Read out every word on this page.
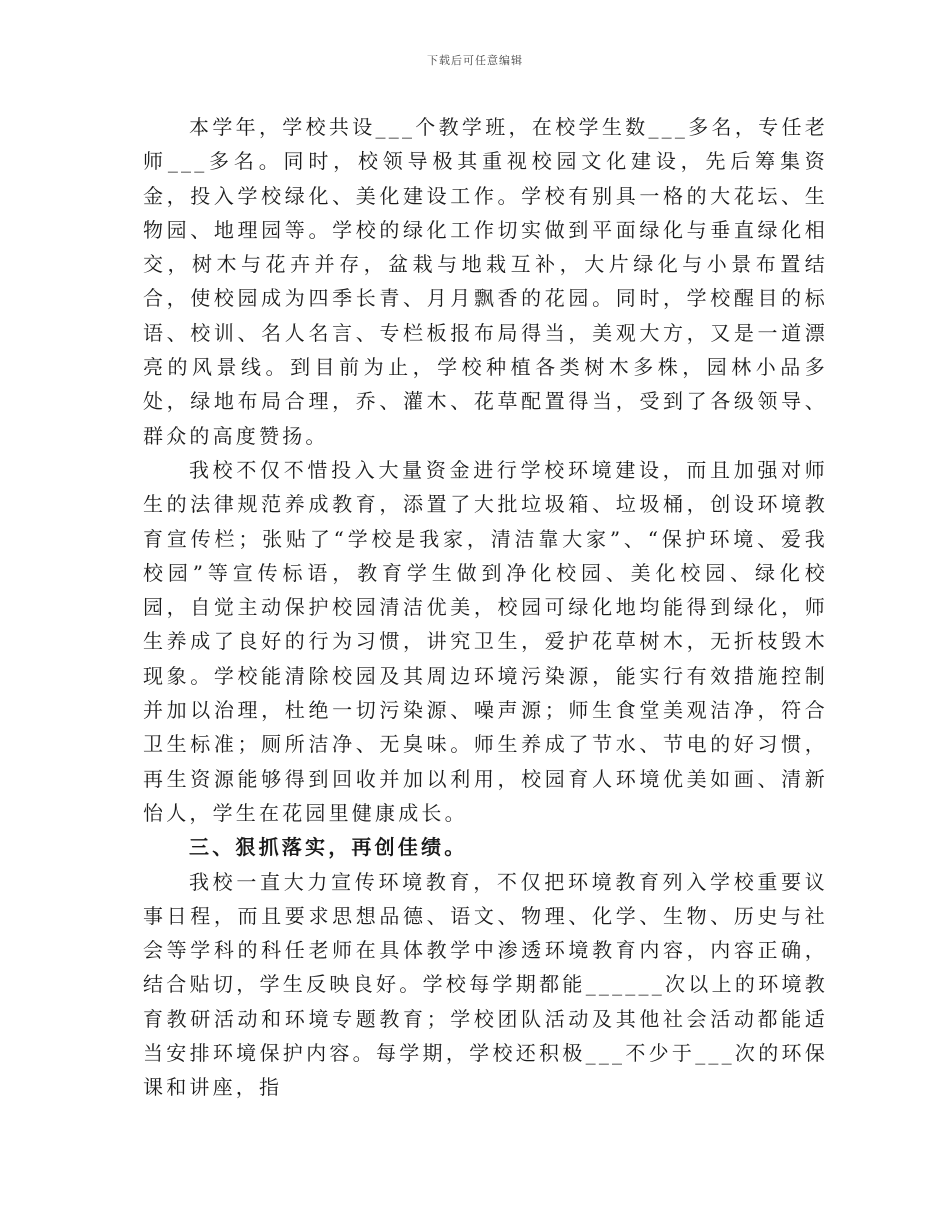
下载后可任意编辑

本学年，学校共设___个教学班，在校学生数___多名，专任老师___多名。同时，校领导极其重视校园文化建设，先后筹集资金，投入学校绿化、美化建设工作。学校有别具一格的大花坛、生物园、地理园等。学校的绿化工作切实做到平面绿化与垂直绿化相交，树木与花卉并存，盆栽与地栽互补，大片绿化与小景布置结合，使校园成为四季长青、月月飘香的花园。同时，学校醒目的标语、校训、名人名言、专栏板报布局得当，美观大方，又是一道漂亮的风景线。到目前为止，学校种植各类树木多株，园林小品多处，绿地布局合理，乔、灌木、花草配置得当，受到了各级领导、群众的高度赞扬。

我校不仅不惜投入大量资金进行学校环境建设，而且加强对师生的法律规范养成教育，添置了大批垃圾箱、垃圾桶，创设环境教育宣传栏；张贴了“学校是我家，清洁靠大家”、“保护环境、爱我校园”等宣传标语，教育学生做到净化校园、美化校园、绿化校园，自觉主动保护校园清洁优美，校园可绿化地均能得到绿化，师生养成了良好的行为习惯，讲究卫生，爱护花草树木，无折枝毁木现象。学校能清除校园及其周边环境污染源，能实行有效措施控制并加以治理，杜绝一切污染源、噪声源；师生食堂美观洁净，符合卫生标准；厕所洁净、无臭味。师生养成了节水、节电的好习惯，再生资源能够得到回收并加以利用，校园育人环境优美如画、清新怡人，学生在花园里健康成长。

三、狠抓落实，再创佳绩。

我校一直大力宣传环境教育，不仅把环境教育列入学校重要议事日程，而且要求思想品德、语文、物理、化学、生物、历史与社会等学科的科任老师在具体教学中渗透环境教育内容，内容正确，结合贴切，学生反映良好。学校每学期都能______次以上的环境教育教研活动和环境专题教育；学校团队活动及其他社会活动都能适当安排环境保护内容。每学期，学校还积极___不少于___次的环保课和讲座，指
